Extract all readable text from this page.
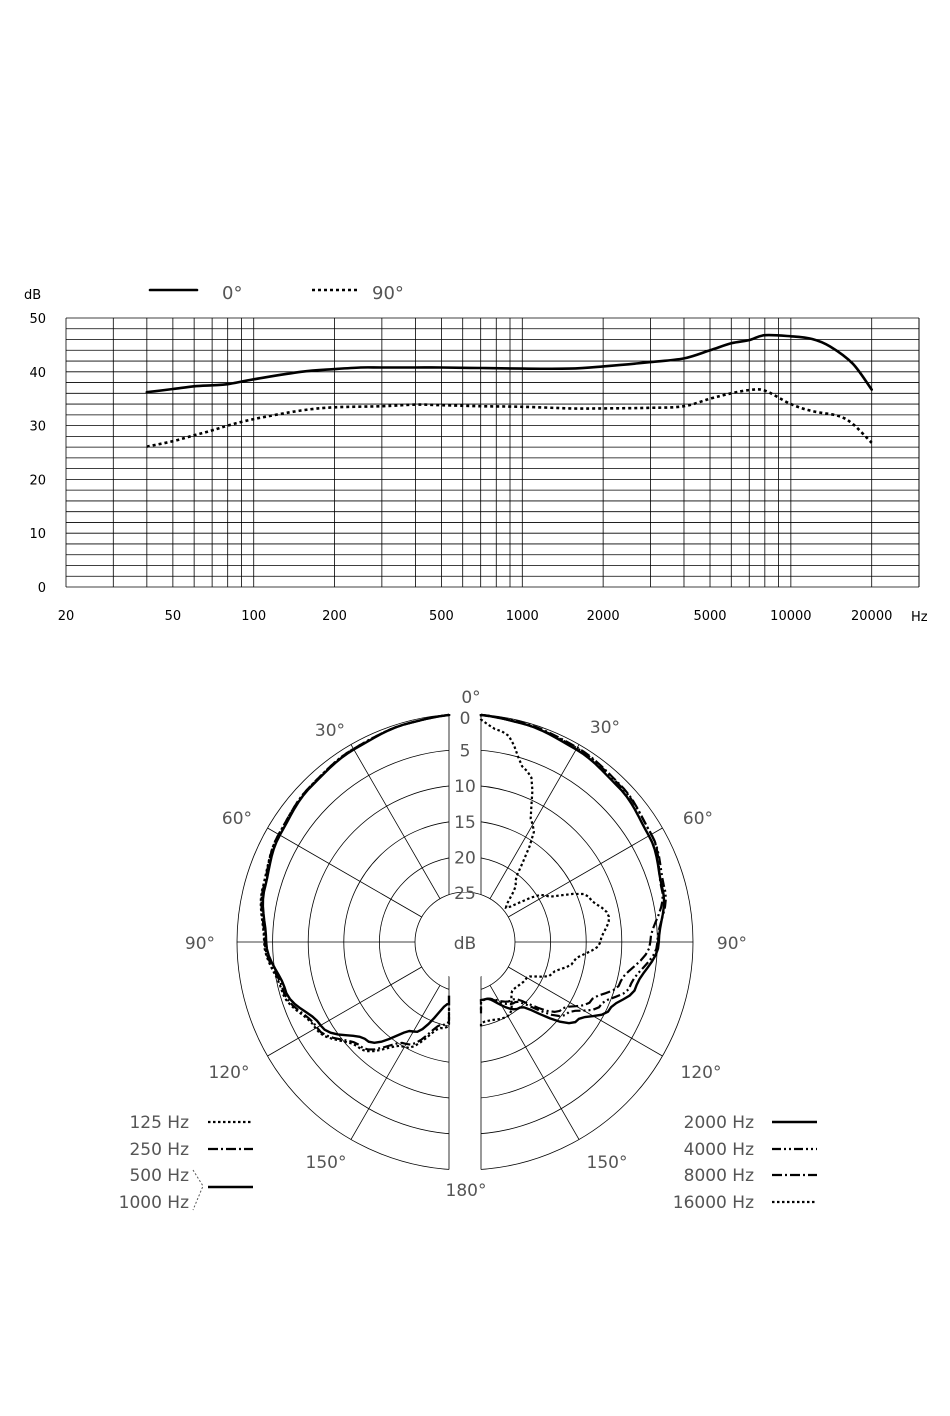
0
10
20
30
40
50
20	50	100	200	500	1000	2000	5000	10000	20000
dB
Hz
0°	90°
dB
0
5
10
15
20
25
0°
30°
60°
90°
120°
150°
180°
150°
120°
90°
60°
30°
125 Hz
250 Hz
500 Hz
1000 Hz
2000 Hz
4000 Hz
8000 Hz
16000 Hz
